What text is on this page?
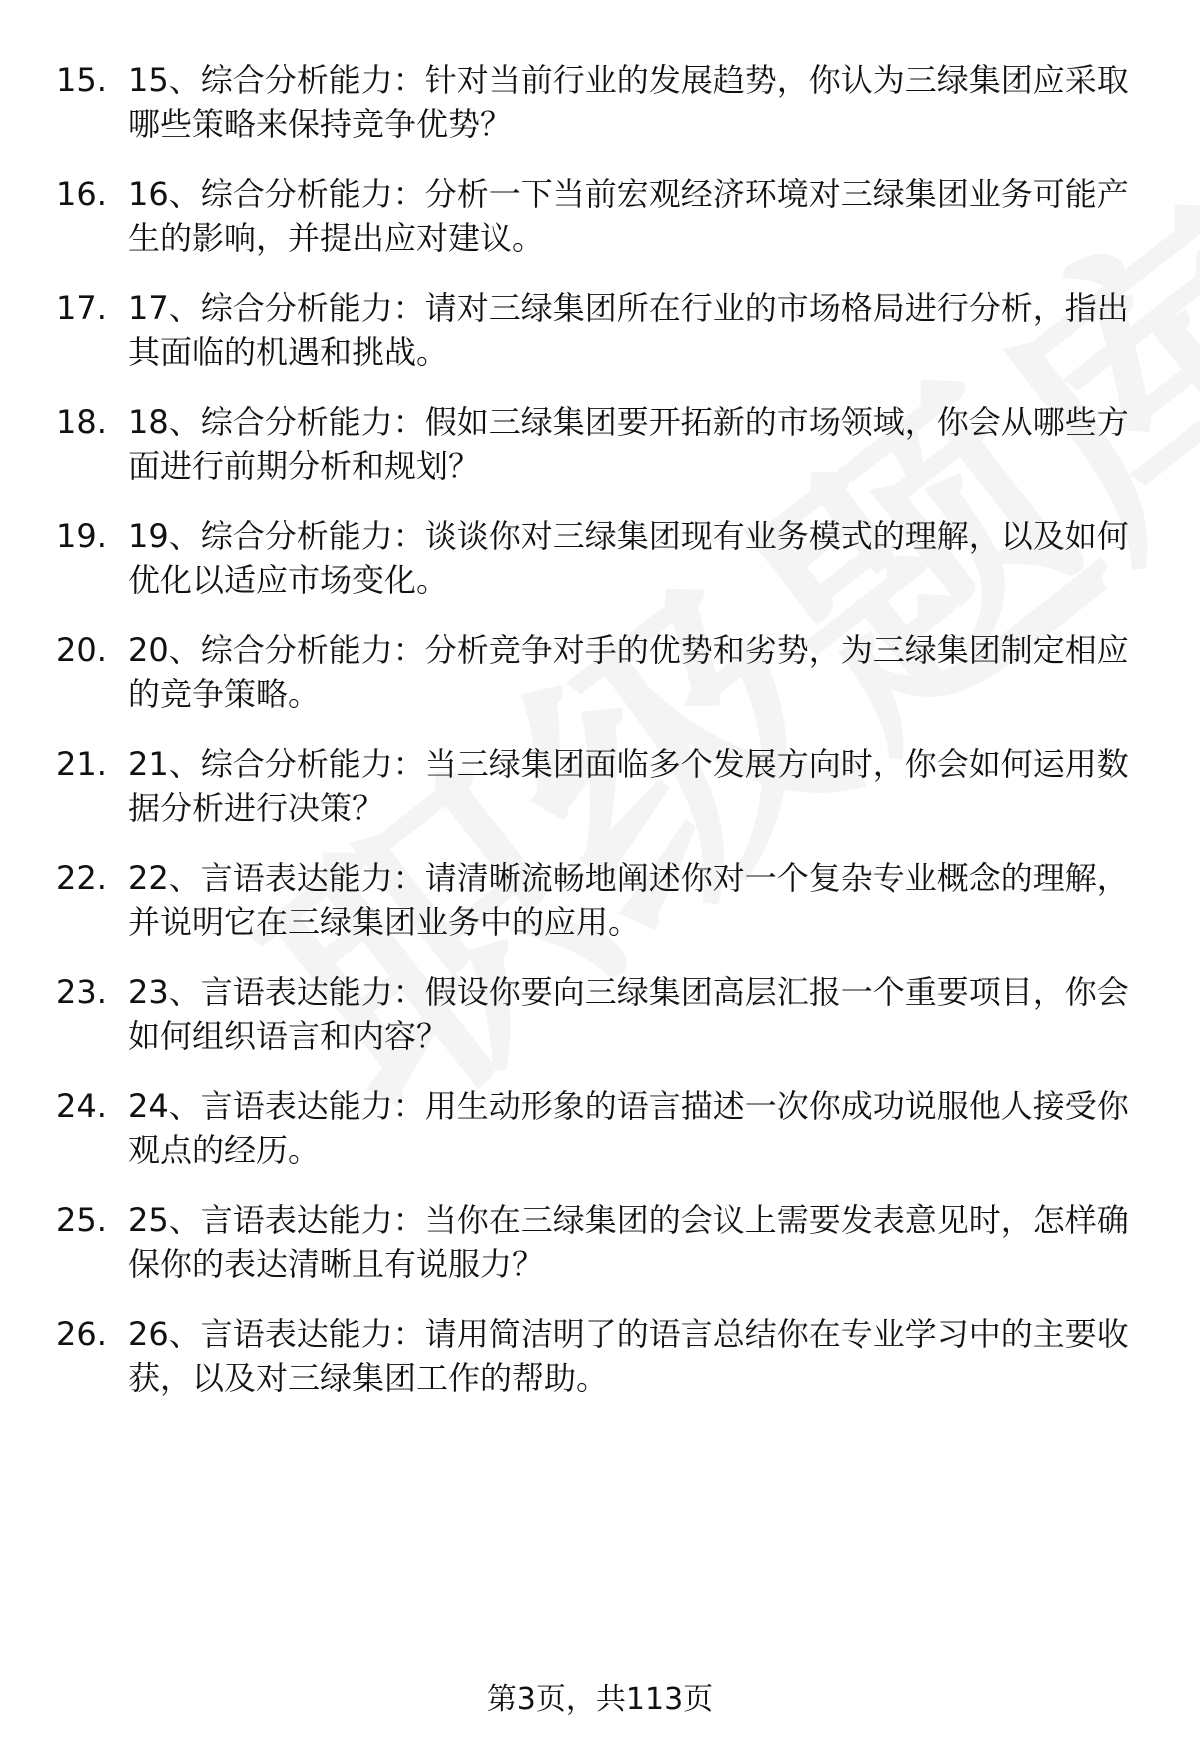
15. 15、综合分析能力：针对当前行业的发展趋势，你认为三绿集团应采取哪些策略来保持竞争优势？
16. 16、综合分析能力：分析一下当前宏观经济环境对三绿集团业务可能产生的影响，并提出应对建议。
17. 17、综合分析能力：请对三绿集团所在行业的市场格局进行分析，指出其面临的机遇和挑战。
18. 18、综合分析能力：假如三绿集团要开拓新的市场领域，你会从哪些方面进行前期分析和规划？
19. 19、综合分析能力：谈谈你对三绿集团现有业务模式的理解，以及如何优化以适应市场变化。
20. 20、综合分析能力：分析竞争对手的优势和劣势，为三绿集团制定相应的竞争策略。
21. 21、综合分析能力：当三绿集团面临多个发展方向时，你会如何运用数据分析进行决策？
22. 22、言语表达能力：请清晰流畅地阐述你对一个复杂专业概念的理解，并说明它在三绿集团业务中的应用。
23. 23、言语表达能力：假设你要向三绿集团高层汇报一个重要项目，你会如何组织语言和内容？
24. 24、言语表达能力：用生动形象的语言描述一次你成功说服他人接受你观点的经历。
25. 25、言语表达能力：当你在三绿集团的会议上需要发表意见时，怎样确保你的表达清晰且有说服力？
26. 26、言语表达能力：请用简洁明了的语言总结你在专业学习中的主要收获，以及对三绿集团工作的帮助。
第3页，共113页
